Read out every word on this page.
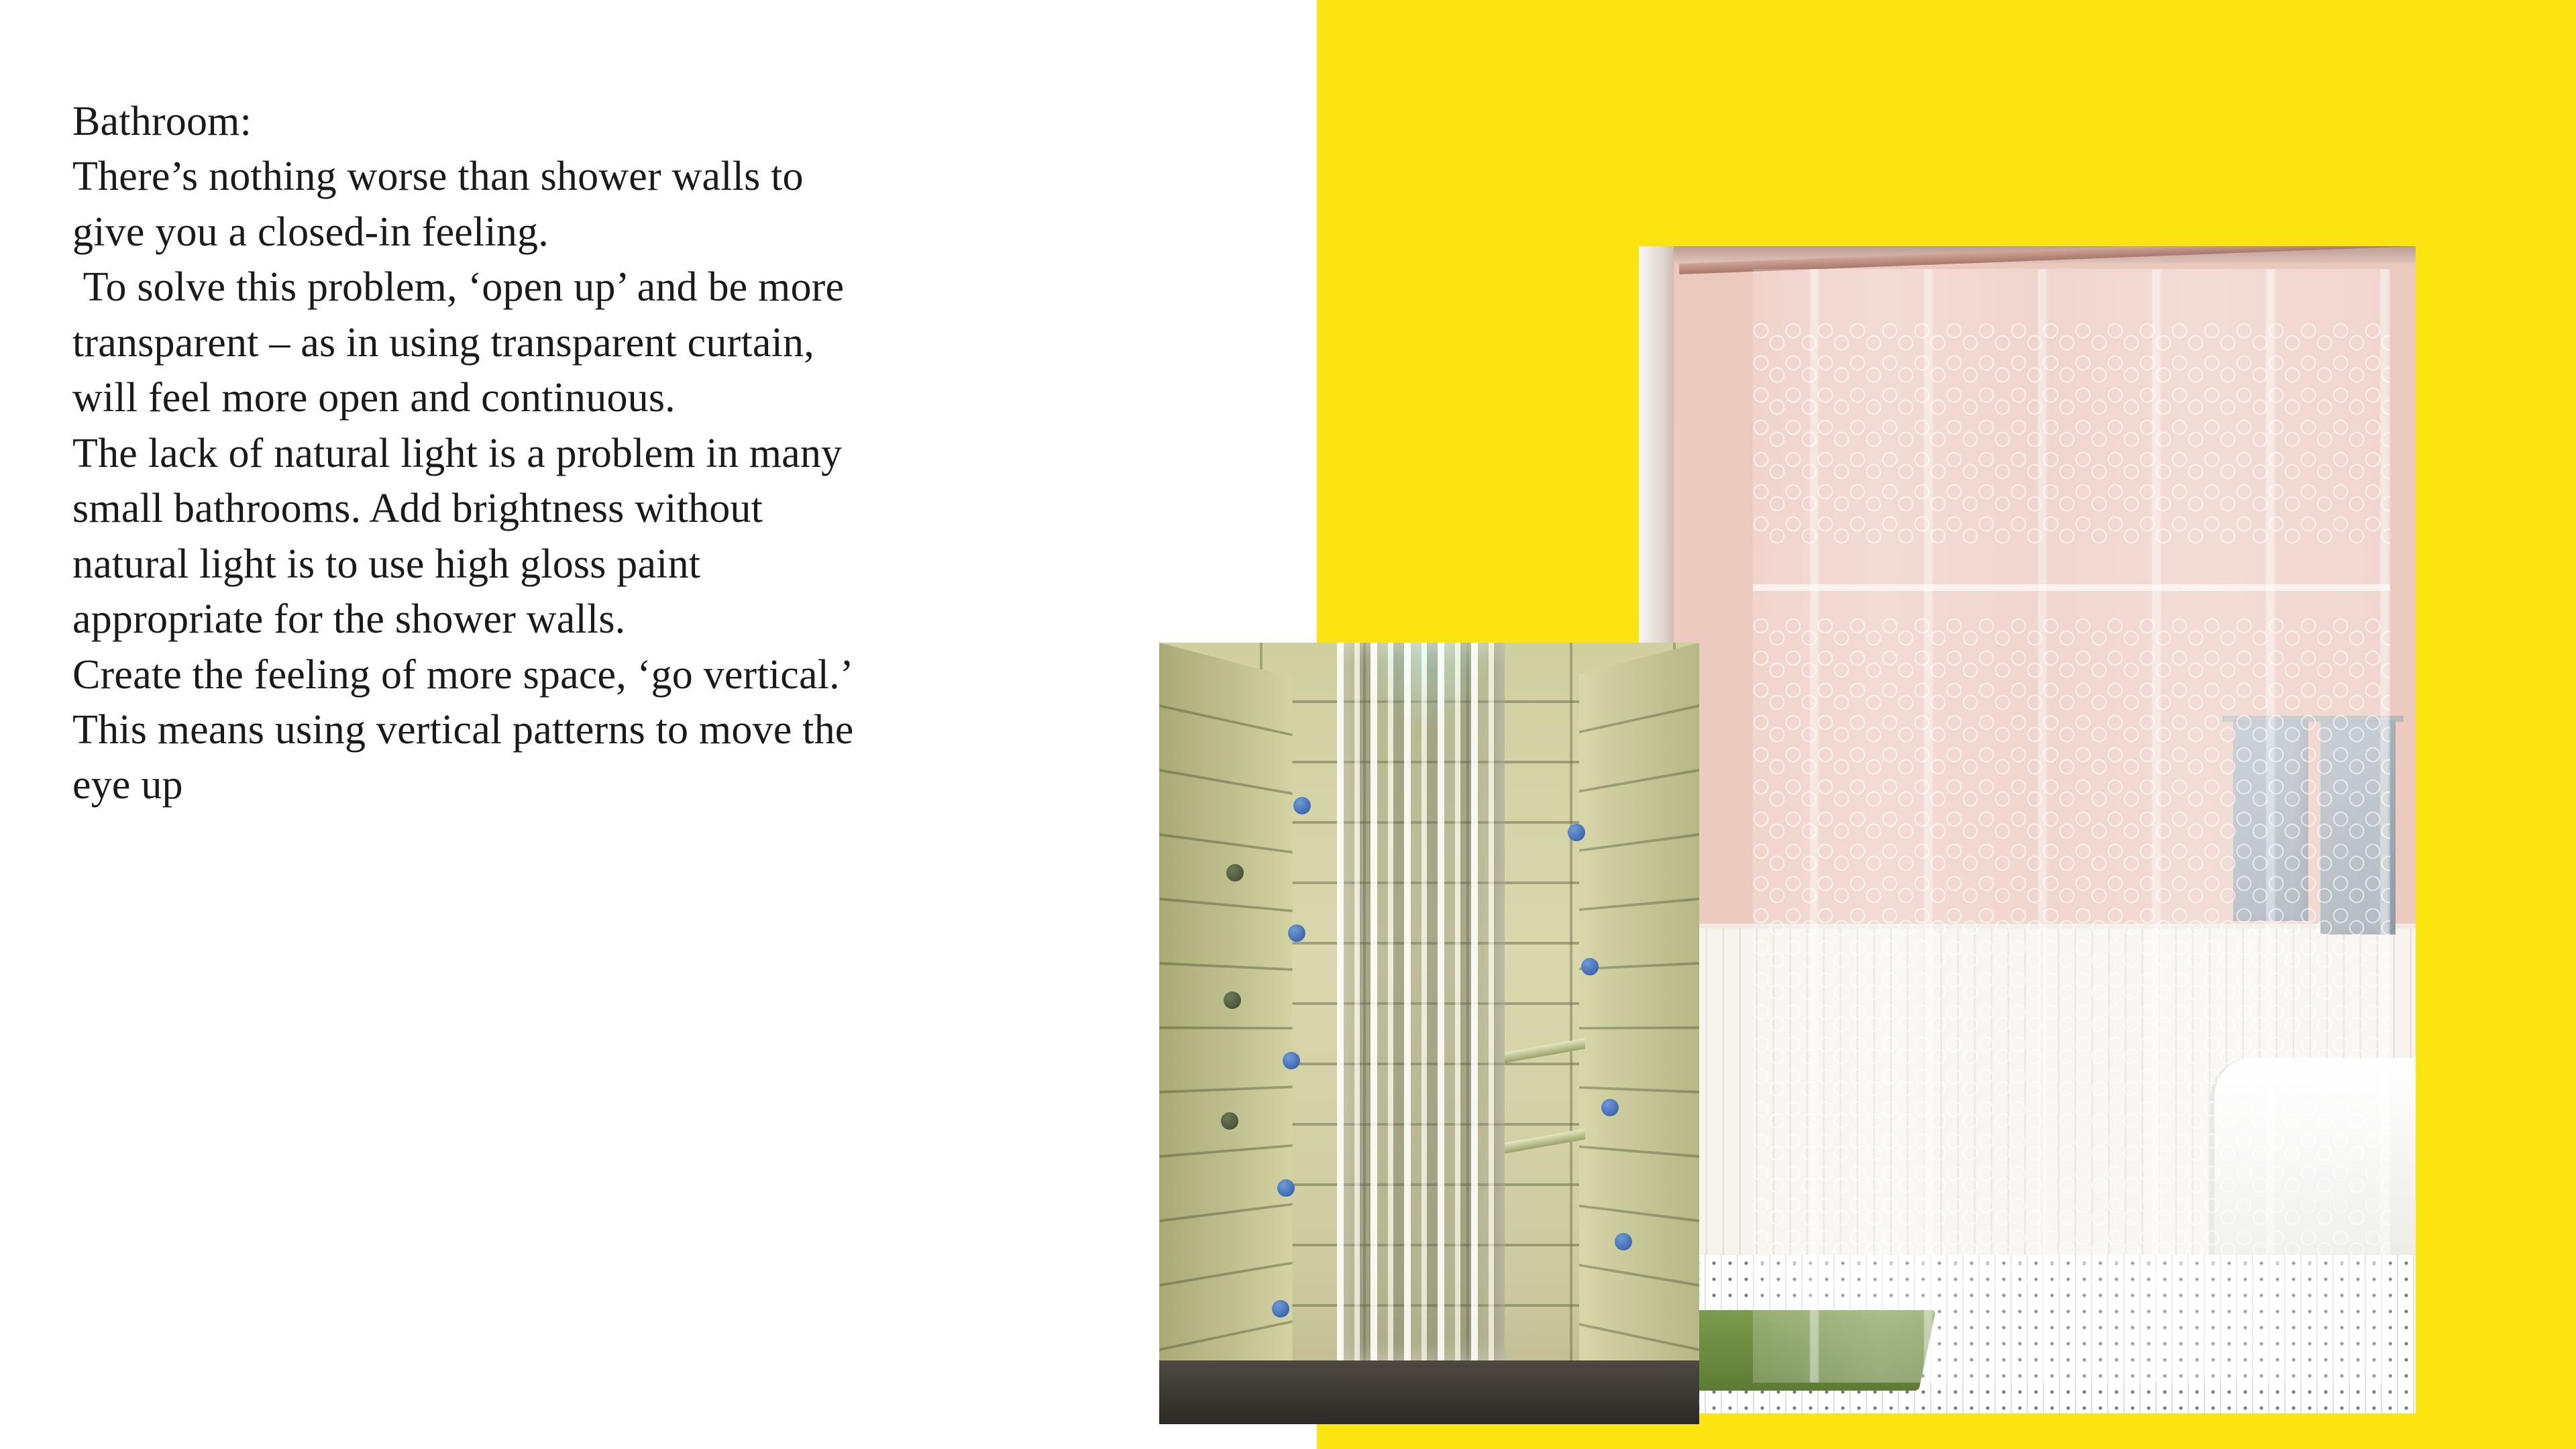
Bathroom:
There’s nothing worse than shower walls to
give you a closed-in feeling.
To solve this problem, ‘open up’ and be more
transparent – as in using transparent curtain,
will feel more open and continuous.
The lack of natural light is a problem in many
small bathrooms. Add brightness without
natural light is to use high gloss paint
appropriate for the shower walls.
Create the feeling of more space, ‘go vertical.’
This means using vertical patterns to move the
eye up
